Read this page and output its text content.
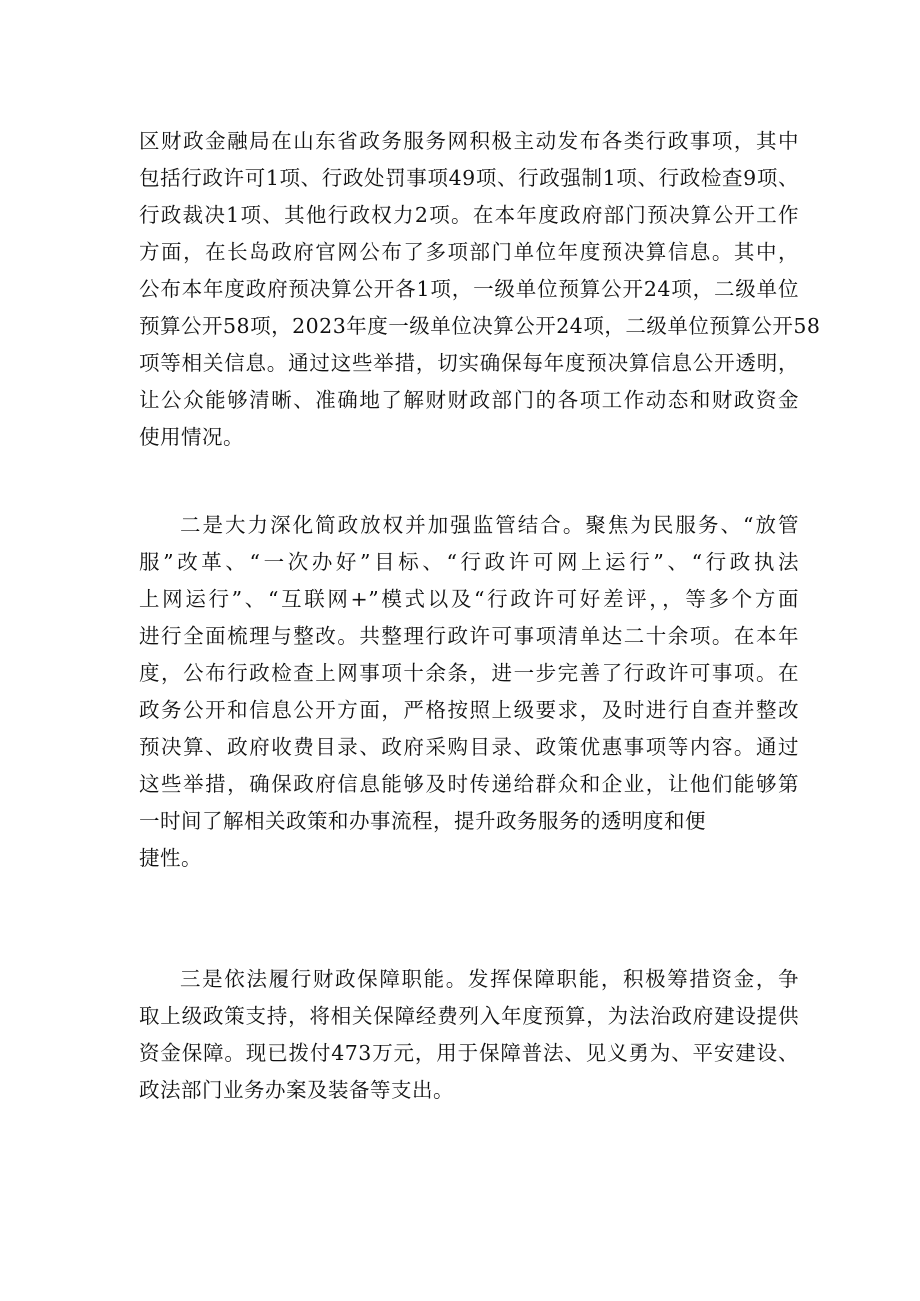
区财政金融局在山东省政务服务网积极主动发布各类行政事项，其中
包括行政许可1项、行政处罚事项49项、行政强制1项、行政检查9项、
行政裁决1项、其他行政权力2项。在本年度政府部门预决算公开工作
方面，在长岛政府官网公布了多项部门单位年度预决算信息。其中，
公布本年度政府预决算公开各1项，一级单位预算公开24项，二级单位
预算公开58项，2023年度一级单位决算公开24项，二级单位预算公开58
项等相关信息。通过这些举措，切实确保每年度预决算信息公开透明，
让公众能够清晰、准确地了解财财政部门的各项工作动态和财政资金
使用情况。
二是大力深化简政放权并加强监管结合。聚焦为民服务、“放管
服”改革、“一次办好”目标、“行政许可网上运行”、“行政执法
上网运行”、“互联网+”模式以及“行政许可好差评，，等多个方面
进行全面梳理与整改。共整理行政许可事项清单达二十余项。在本年
度，公布行政检查上网事项十余条，进一步完善了行政许可事项。在
政务公开和信息公开方面，严格按照上级要求，及时进行自查并整改
预决算、政府收费目录、政府采购目录、政策优惠事项等内容。通过
这些举措，确保政府信息能够及时传递给群众和企业，让他们能够第
一时间了解相关政策和办事流程，提升政务服务的透明度和便
捷性。
三是依法履行财政保障职能。发挥保障职能，积极筹措资金，争
取上级政策支持，将相关保障经费列入年度预算，为法治政府建设提供
资金保障。现已拨付473万元，用于保障普法、见义勇为、平安建设、
政法部门业务办案及装备等支出。
